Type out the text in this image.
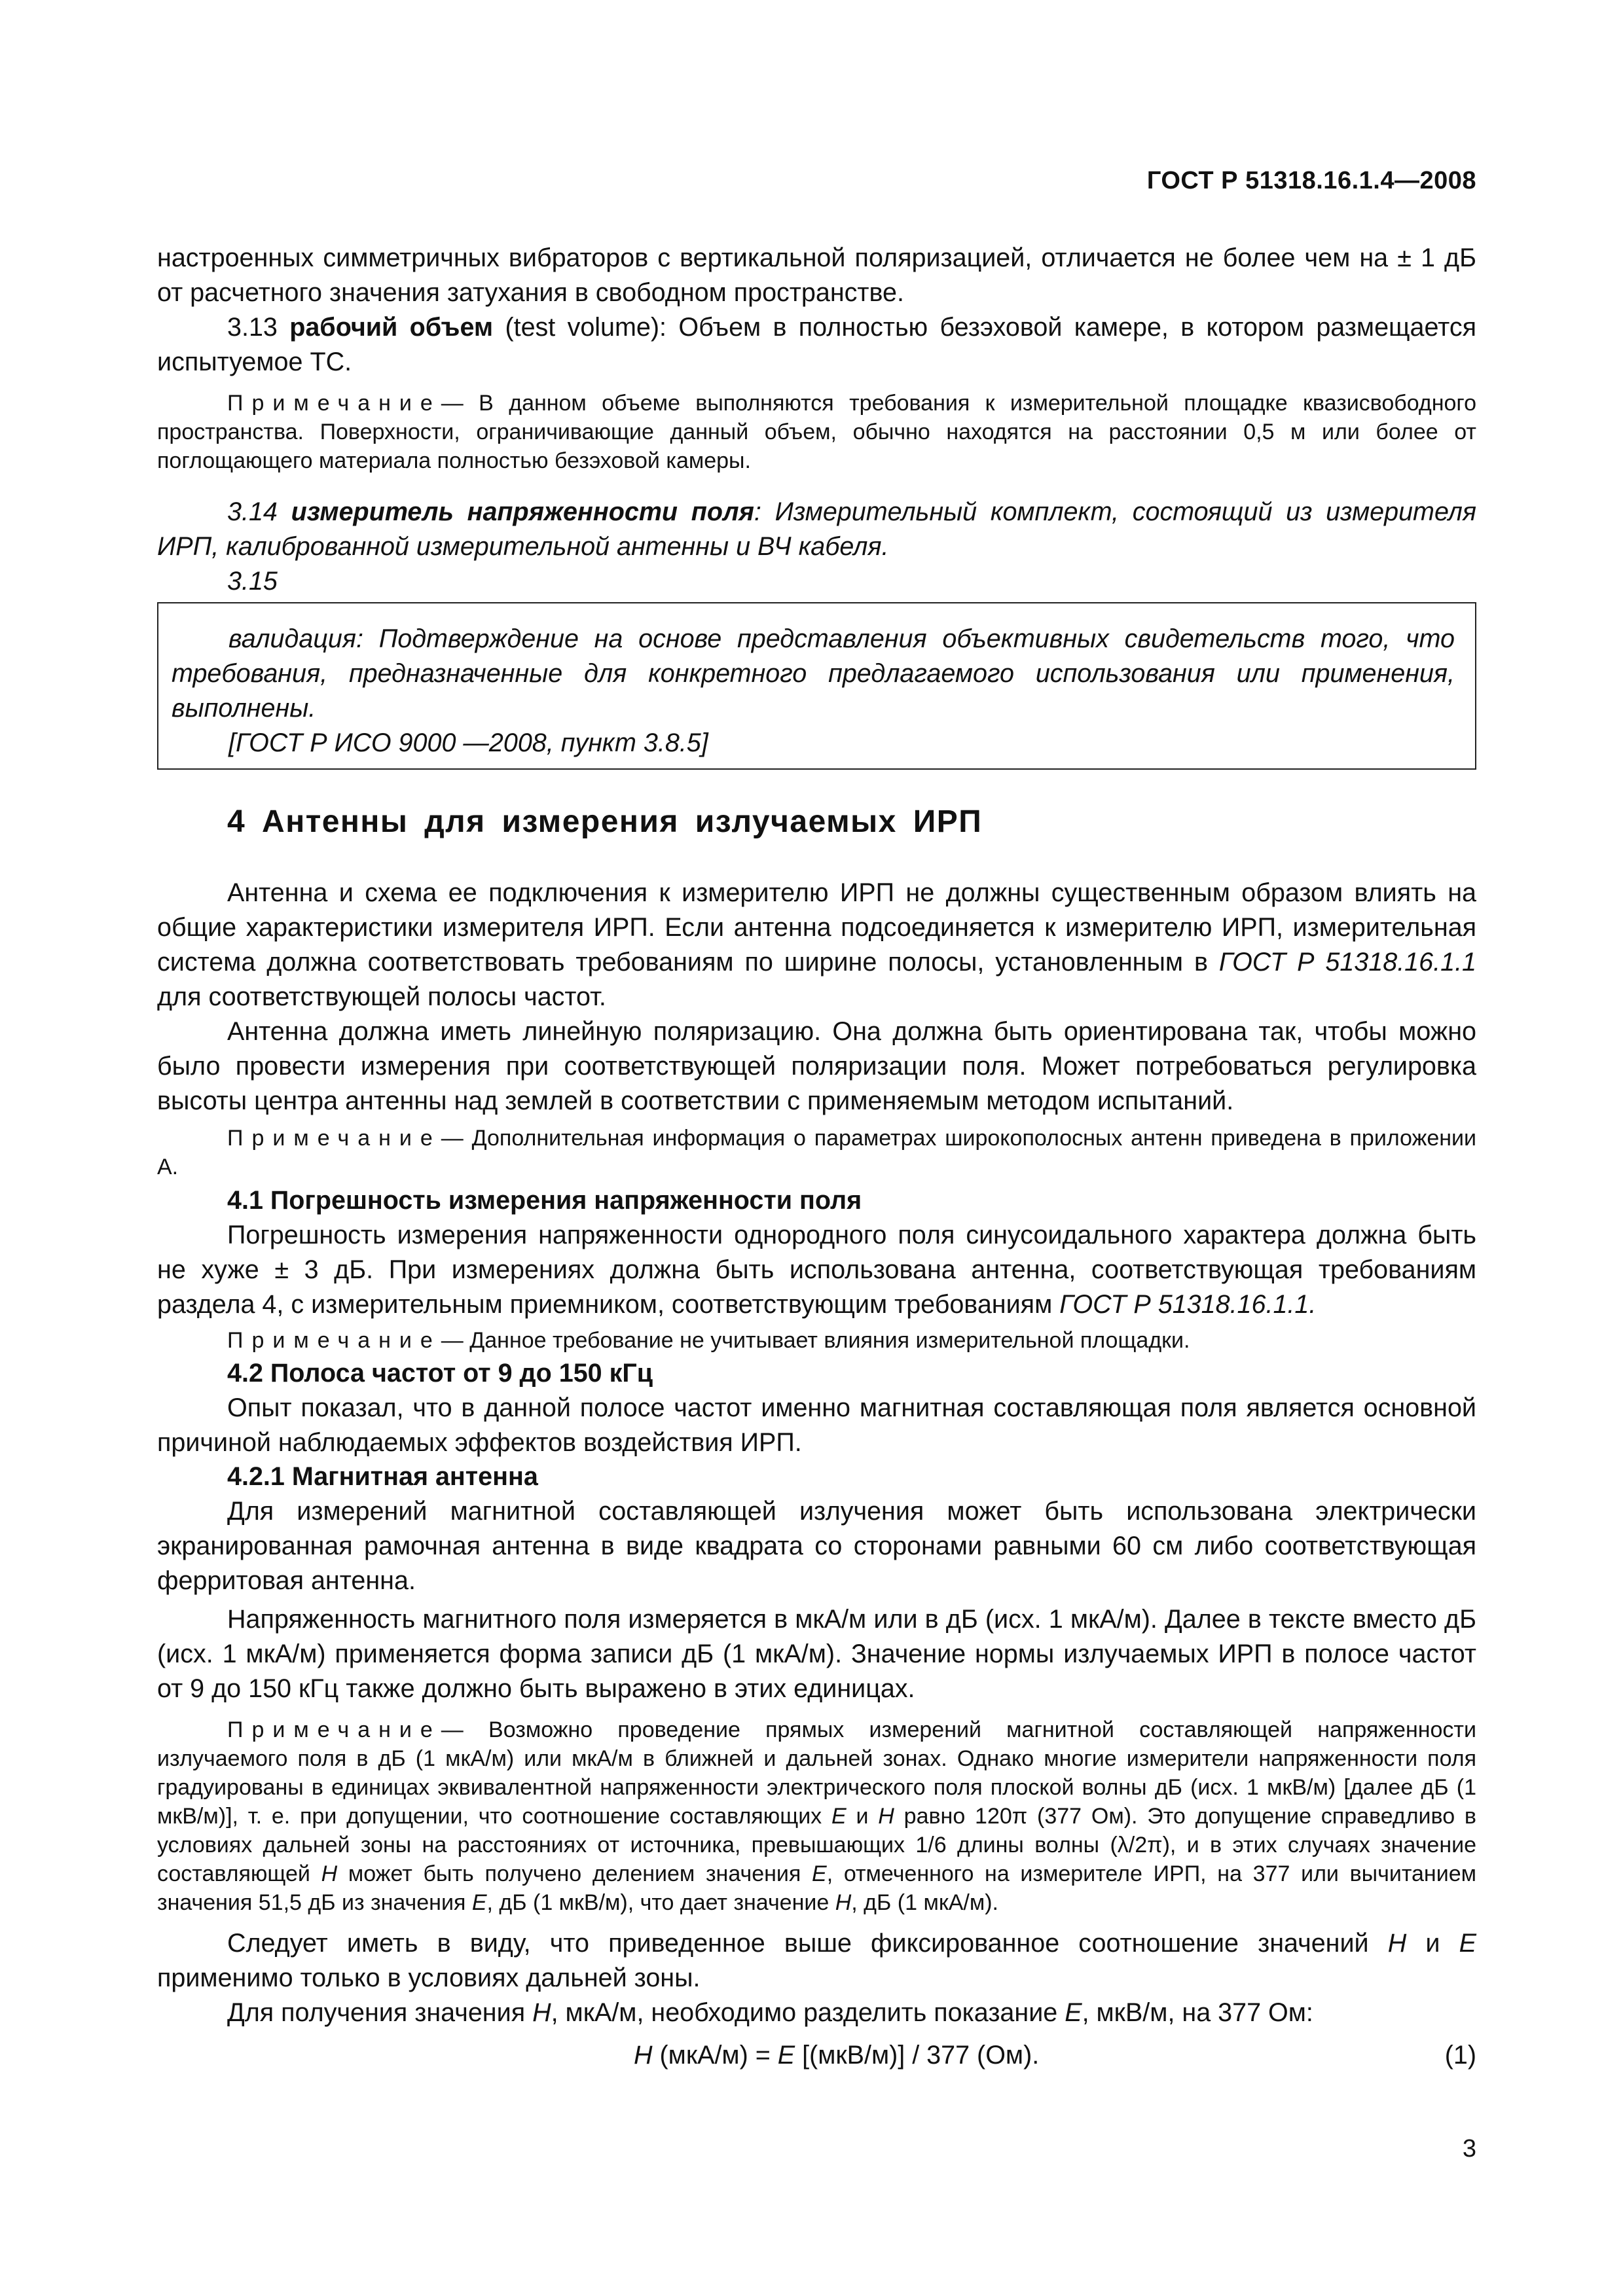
ГОСТ Р 51318.16.1.4—2008

настроенных симметричных вибраторов с вертикальной поляризацией, отличается не более чем на ± 1 дБ от расчетного значения затухания в свободном пространстве.

3.13 рабочий объем (test volume): Объем в полностью безэховой камере, в котором размещается испытуемое ТС.

Примечание— В данном объеме выполняются требования к измерительной площадке квазисвободного пространства. Поверхности, ограничивающие данный объем, обычно находятся на расстоянии 0,5 м или более от поглощающего материала полностью безэховой камеры.

3.14 измеритель напряженности поля: Измерительный комплект, состоящий из измерителя ИРП, калиброванной измерительной антенны и ВЧ кабеля.

3.15

валидация: Подтверждение на основе представления объективных свидетельств того, что требования, предназначенные для конкретного предлагаемого использования или применения, выполнены.

[ГОСТ Р ИСО 9000 —2008, пункт 3.8.5]

4 Антенны для измерения излучаемых ИРП

Антенна и схема ее подключения к измерителю ИРП не должны существенным образом влиять на общие характеристики измерителя ИРП. Если антенна подсоединяется к измерителю ИРП, измерительная система должна соответствовать требованиям по ширине полосы, установленным в ГОСТ Р 51318.16.1.1 для соответствующей полосы частот.

Антенна должна иметь линейную поляризацию. Она должна быть ориентирована так, чтобы можно было провести измерения при соответствующей поляризации поля. Может потребоваться регулировка высоты центра антенны над землей в соответствии с применяемым методом испытаний.

Примечание— Дополнительная информация о параметрах широкополосных антенн приведена в приложении А.

4.1 Погрешность измерения напряженности поля

Погрешность измерения напряженности однородного поля синусоидального характера должна быть не хуже ± 3 дБ. При измерениях должна быть использована антенна, соответствующая требованиям раздела 4, с измерительным приемником, соответствующим требованиям ГОСТ Р 51318.16.1.1.

Примечание— Данное требование не учитывает влияния измерительной площадки.

4.2 Полоса частот от 9 до 150 кГц

Опыт показал, что в данной полосе частот именно магнитная составляющая поля является основной причиной наблюдаемых эффектов воздействия ИРП.

4.2.1 Магнитная антенна

Для измерений магнитной составляющей излучения может быть использована электрически экранированная рамочная антенна в виде квадрата со сторонами равными 60 см либо соответствующая ферритовая антенна.

Напряженность магнитного поля измеряется в мкА/м или в дБ (исх. 1 мкА/м). Далее в тексте вместо дБ (исх. 1 мкА/м) применяется форма записи дБ (1 мкА/м). Значение нормы излучаемых ИРП в полосе частот от 9 до 150 кГц также должно быть выражено в этих единицах.

Примечание— Возможно проведение прямых измерений магнитной составляющей напряженности излучаемого поля в дБ (1 мкА/м) или мкА/м в ближней и дальней зонах. Однако многие измерители напряженности поля градуированы в единицах эквивалентной напряженности электрического поля плоской волны дБ (исх. 1 мкВ/м) [далее дБ (1 мкВ/м)], т. е. при допущении, что соотношение составляющих Е и Н равно 120π (377 Ом). Это допущение справедливо в условиях дальней зоны на расстояниях от источника, превышающих 1/6 длины волны (λ/2π), и в этих случаях значение составляющей Н может быть получено делением значения Е, отмеченного на измерителе ИРП, на 377 или вычитанием значения 51,5 дБ из значения Е, дБ (1 мкВ/м), что дает значение Н, дБ (1 мкА/м).

Следует иметь в виду, что приведенное выше фиксированное соотношение значений Н и Е применимо только в условиях дальней зоны.

Для получения значения Н, мкА/м, необходимо разделить показание Е, мкВ/м, на 377 Ом:

Н (мкА/м) = Е [(мкВ/м)] / 377 (Ом).	(1)
3
